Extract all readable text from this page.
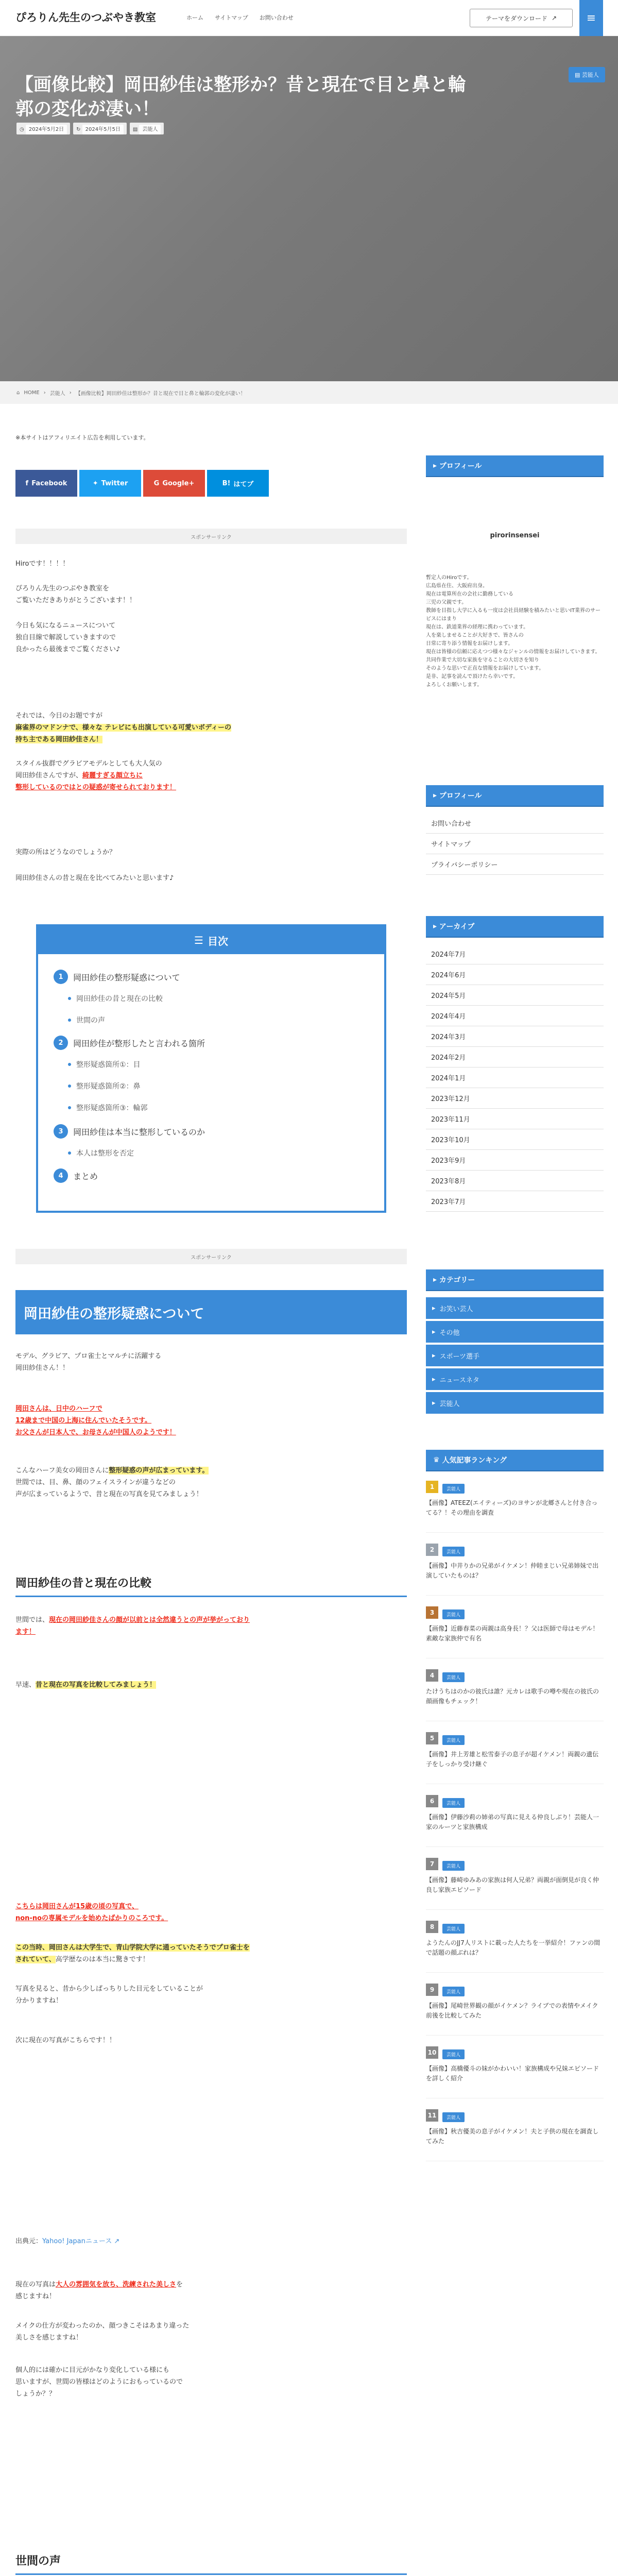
ぴろりん先生のつぶやき教室	ホーム サイトマップ お問い合わせ	テーマをダウンロード ↗	≡
【画像比較】岡田紗佳は整形か？昔と現在で目と鼻と輪郭の変化が凄い！
◷ 2024年5月2日	↻ 2024年5月5日	▤ 芸能人
▤ 芸能人
⌂ HOME › 芸能人 › 【画像比較】岡田紗佳は整形か？昔と現在で目と鼻と輪郭の変化が凄い！
※本サイトはアフィリエイト広告を利用しています。
f Facebook	✦ Twitter	G Google+	B! はてブ
スポンサーリンク
Hiroです！！！！
ぴろりん先生のつぶやき教室を
ご覧いただきありがとうございます！！
今日も気になるニュースについて
独自目線で解説していきますので
良かったら最後までご覧ください♪
それでは、今日のお題ですが
麻雀界のマドンナで、様々な テレビにも出演している可愛いボディーの持ち主である岡田紗佳さん！
スタイル抜群でグラビアモデルとしても大人気の
岡田紗佳さんですが、綺麗すぎる顔立ちに
整形しているのではとの疑惑が寄せられております！
実際の所はどうなのでしょうか？
岡田紗佳さんの昔と現在を比べてみたいと思います♪
☰ 目次
1	岡田紗佳の整形疑惑について
岡田紗佳の昔と現在の比較
世間の声
2	岡田紗佳が整形したと言われる箇所
整形疑惑箇所①：目
整形疑惑箇所②：鼻
整形疑惑箇所③：輪郭
3	岡田紗佳は本当に整形しているのか
本人は整形を否定
4	まとめ
スポンサーリンク
岡田紗佳の整形疑惑について
モデル、グラビア、プロ雀士とマルチに活躍する
岡田紗佳さん！！
岡田さんは、日中のハーフで
12歳まで中国の上海に住んでいたそうです。
お父さんが日本人で、お母さんが中国人のようです！
こんなハーフ美女の岡田さんに整形疑惑の声が広まっています。
世間では、目、鼻、顔のフェイスラインが違うなどの
声が広まっているようで、昔と現在の写真を見てみましょう！
岡田紗佳の昔と現在の比較
世間では、現在の岡田紗佳さんの顔が以前とは全然違うとの声が挙がっております！
早速、昔と現在の写真を比較してみましょう！
こちらは岡田さんが15歳の頃の写真で、
non-noの専属モデルを始めたばかりのころです。
この当時、岡田さんは大学生で、青山学院大学に通っていたそうでプロ雀士をされていて、高学歴なのは本当に驚きです！
写真を見ると、昔から少しぱっちりした目元をしていることが
分かりますね！
次に現在の写真がこちらです！！
出典元：Yahoo! Japanニュース ↗
現在の写真は大人の雰囲気を放ち、洗練された美しさを
感じますね！
メイクの仕方が変わったのか、顔つきこそはあまり違った
美しさを感じますね！
個人的には確かに目元がかなり変化している様にも
思いますが、世間の皆様はどのようにおもっているので
しょうか？？
世間の声
▸ プロフィール
pirorinsensei
暫定人のHiroです。
広島県在住、大阪府出身。
現在は電算所在の会社に勤務している
三児の父親です。
教師を目指し大学に入るも一度は会社員経験を積みたいと思いIT業界のサービスにはまり
現在は、鉄道業界の経理に携わっています。
人を楽しませることが大好きで、皆さんの
日常に寄り添う情報をお届けします。
現在は皆様の信頼に応えつつ様々なジャンルの情報をお届けしていきます。
共同作業で大切な家族を守ることの大切さを知り
そのような思いで正直な情報をお届けしています。
是非、記事を読んで頂けたら幸いです。
よろしくお願いします。
▸ プロフィール
お問い合わせ
サイトマップ
プライバシーポリシー
▸ アーカイブ
2024年7月
2024年6月
2024年5月
2024年4月
2024年3月
2024年2月
2024年1月
2023年12月
2023年11月
2023年10月
2023年9月
2023年8月
2023年7月
▸ カテゴリー
▸ お笑い芸人
▸ その他
▸ スポーツ選手
▸ ニュースネタ
▸ 芸能人
♛ 人気記事ランキング
1	芸能人
【画像】ATEEZ(エイティーズ)のヨサンが北郷さんと付き合ってる？！その理由を調査
2	芸能人
【画像】中井りかの兄弟がイケメン！仲睦まじい兄弟姉妹で出演していたものは？
3	芸能人
【画像】近藤春菜の両親は高身長！？父は医師で母はモデル！素敵な家族仲で有名
4	芸能人
たけうちはのかの彼氏は誰？元カレは歌手の噂や現在の彼氏の顔画像もチェック！
5	芸能人
【画像】井上芳雄と松雪泰子の息子が超イケメン！両親の遺伝子をしっかり受け継ぐ
6	芸能人
【画像】伊藤沙莉の姉弟の写真に見える仲良しぶり！芸能人一家のルーツと家族構成
7	芸能人
【画像】藤崎ゆみあの家族は何人兄弟？両親が面倒見が良く仲良し家族エピソード
8	芸能人
ようたんのJJ7人リストに載った人たちを一挙紹介！ファンの間で話題の顔ぶれは？
9	芸能人
【画像】尾崎世界観の顔がイケメン？ライブでの表情やメイク前後を比較してみた
10	芸能人
【画像】高橋優斗の妹がかわいい！家族構成や兄妹エピソードを詳しく紹介
11	芸能人
【画像】秋吉優美の息子がイケメン！夫と子供の現在を調査してみた
